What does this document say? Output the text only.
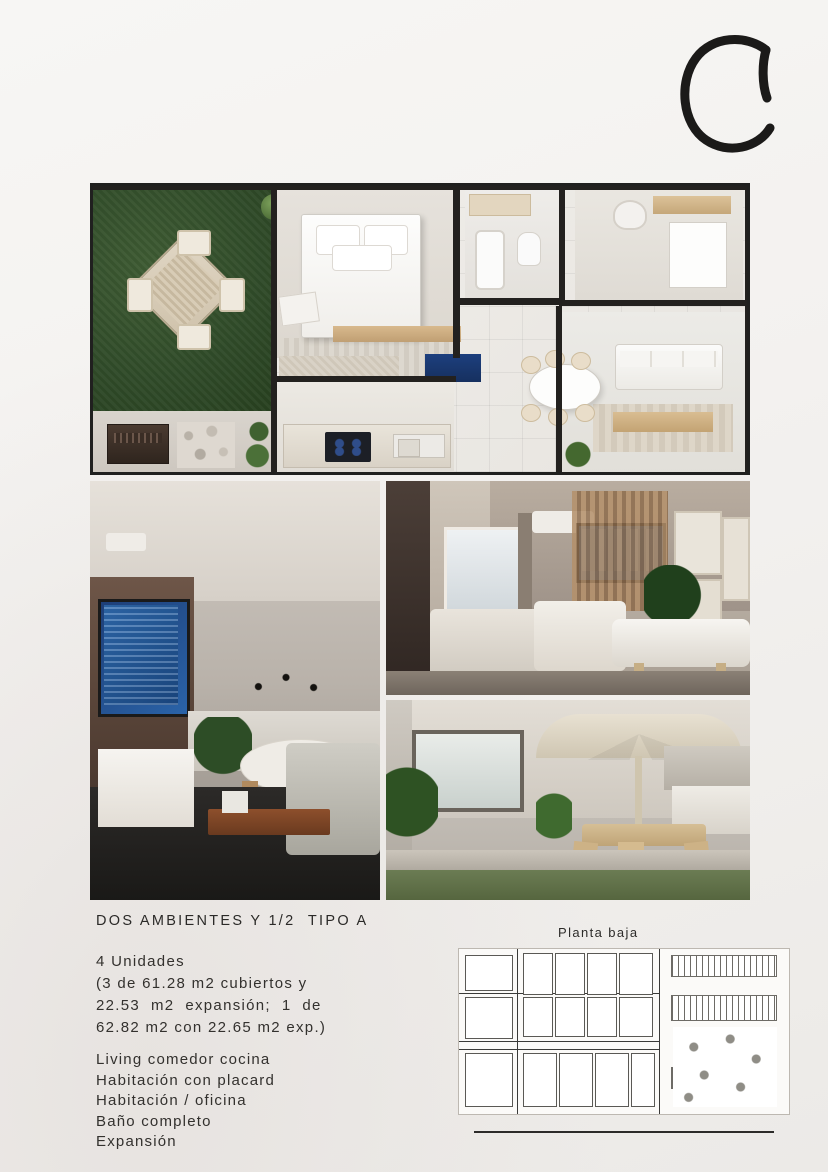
DOS AMBIENTES Y 1/2  TIPO A
4 Unidades
(3 de 61.28 m2 cubiertos y
22.53  m2  expansión;  1  de
62.82 m2 con 22.65 m2 exp.)
Living comedor cocina
Habitación con placard
Habitación / oficina
Baño completo
Expansión
Planta baja
